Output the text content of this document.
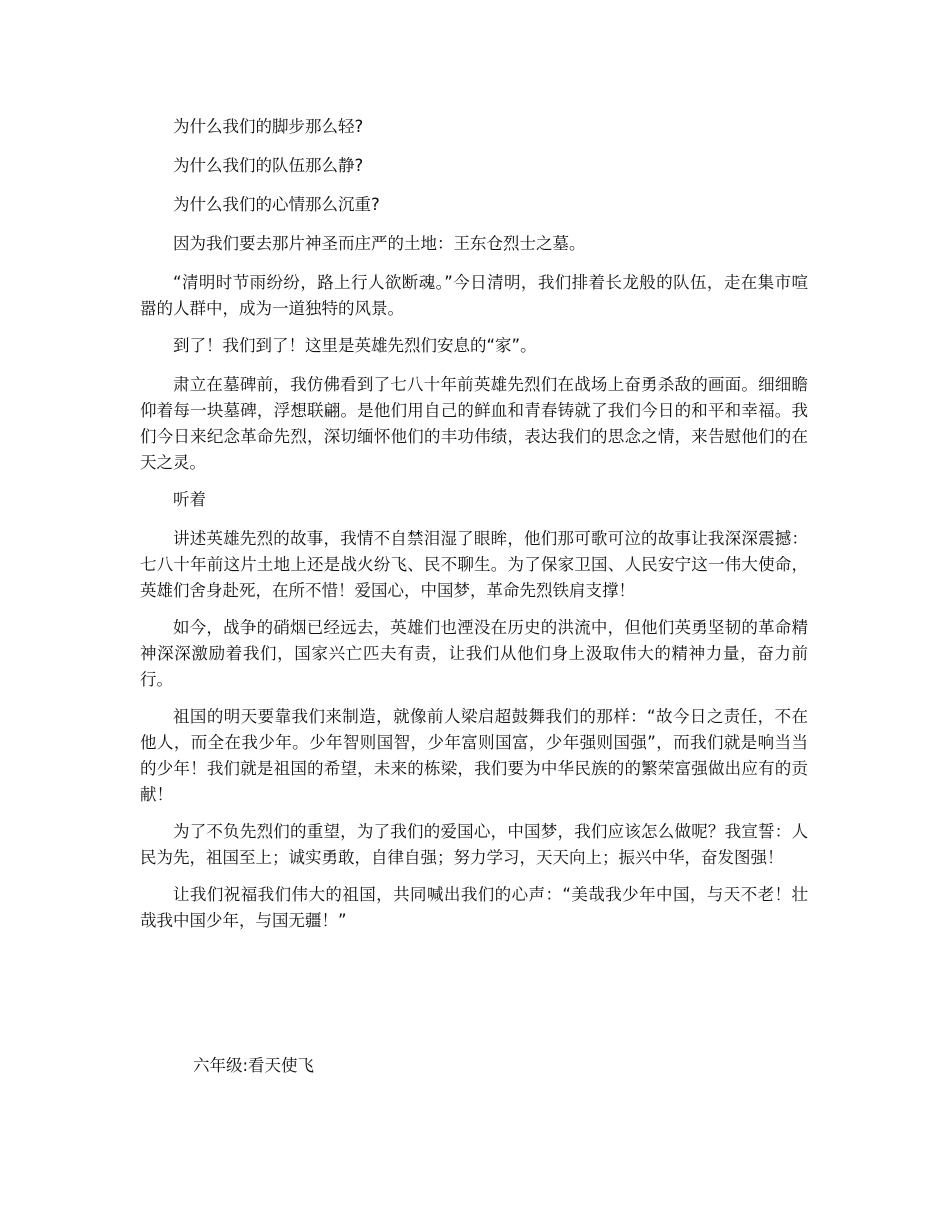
为什么我们的脚步那么轻?

为什么我们的队伍那么静?

为什么我们的心情那么沉重?

因为我们要去那片神圣而庄严的土地：王东仓烈士之墓。

“清明时节雨纷纷，路上行人欲断魂。”今日清明，我们排着长龙般的队伍，走在集市喧嚣的人群中，成为一道独特的风景。

到了！我们到了！这里是英雄先烈们安息的“家”。

肃立在墓碑前，我仿佛看到了七八十年前英雄先烈们在战场上奋勇杀敌的画面。细细瞻仰着每一块墓碑，浮想联翩。是他们用自己的鲜血和青春铸就了我们今日的和平和幸福。我们今日来纪念革命先烈，深切缅怀他们的丰功伟绩，表达我们的思念之情，来告慰他们的在天之灵。

听着

讲述英雄先烈的故事，我情不自禁泪湿了眼眸，他们那可歌可泣的故事让我深深震撼：七八十年前这片土地上还是战火纷飞、民不聊生。为了保家卫国、人民安宁这一伟大使命，英雄们舍身赴死，在所不惜！爱国心，中国梦，革命先烈铁肩支撑！

如今，战争的硝烟已经远去，英雄们也湮没在历史的洪流中，但他们英勇坚韧的革命精神深深激励着我们，国家兴亡匹夫有责，让我们从他们身上汲取伟大的精神力量，奋力前行。

祖国的明天要靠我们来制造，就像前人梁启超鼓舞我们的那样：“故今日之责任，不在他人，而全在我少年。少年智则国智，少年富则国富，少年强则国强”，而我们就是响当当的少年！我们就是祖国的希望，未来的栋梁，我们要为中华民族的的繁荣富强做出应有的贡献！

为了不负先烈们的重望，为了我们的爱国心，中国梦，我们应该怎么做呢？我宣誓：人民为先，祖国至上；诚实勇敢，自律自强；努力学习，天天向上；振兴中华，奋发图强！

让我们祝福我们伟大的祖国，共同喊出我们的心声：“美哉我少年中国，与天不老！壮哉我中国少年，与国无疆！”

六年级:看天使飞
